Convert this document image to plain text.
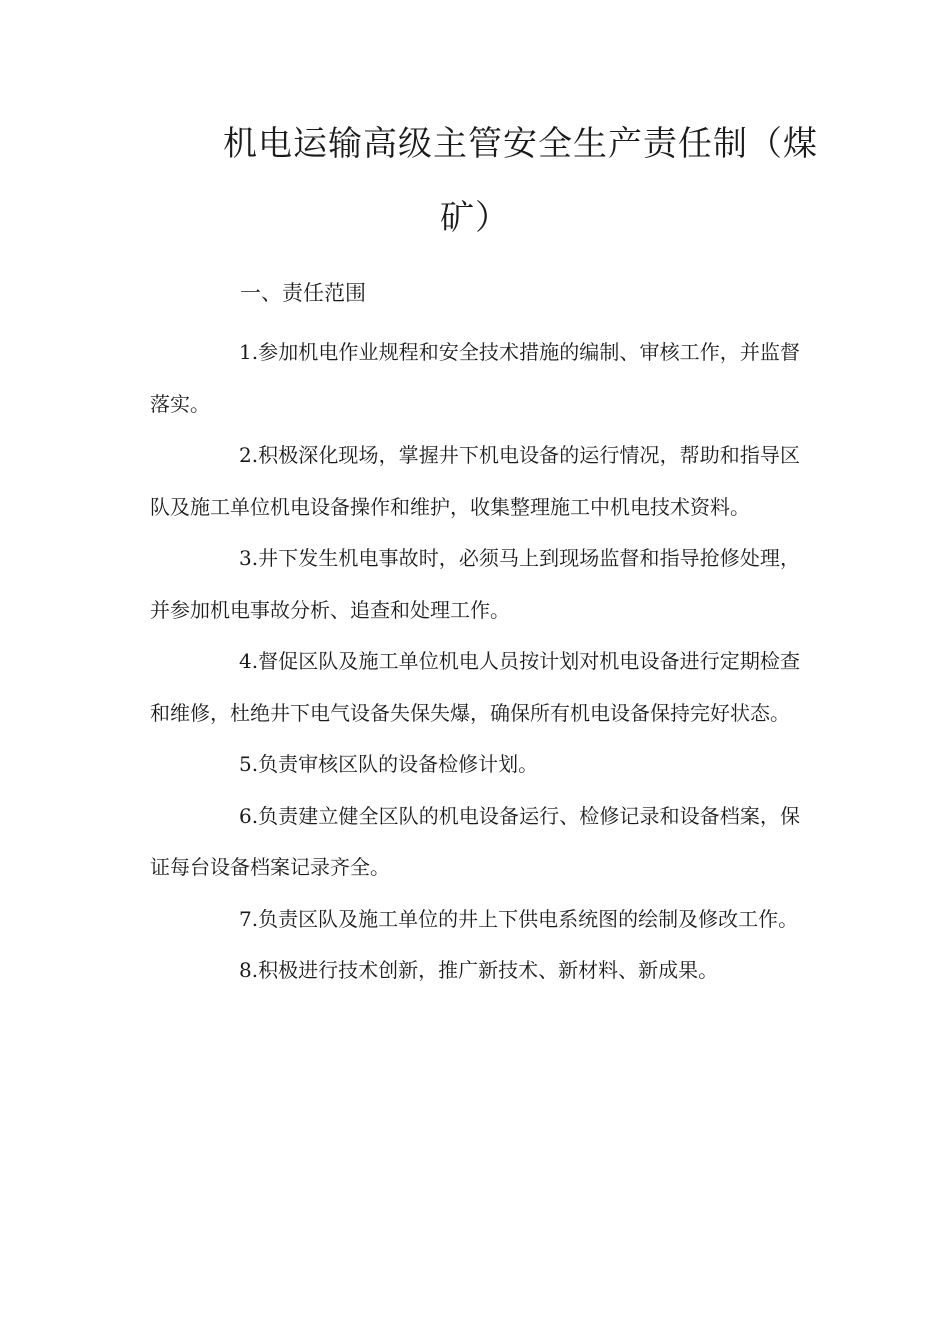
机电运输高级主管安全生产责任制（煤
矿）
一、责任范围

1.参加机电作业规程和安全技术措施的编制、审核工作，并监督落实。

2.积极深化现场，掌握井下机电设备的运行情况，帮助和指导区队及施工单位机电设备操作和维护，收集整理施工中机电技术资料。

3.井下发生机电事故时，必须马上到现场监督和指导抢修处理，并参加机电事故分析、追查和处理工作。

4.督促区队及施工单位机电人员按计划对机电设备进行定期检查和维修，杜绝井下电气设备失保失爆，确保所有机电设备保持完好状态。

5.负责审核区队的设备检修计划。

6.负责建立健全区队的机电设备运行、检修记录和设备档案，保证每台设备档案记录齐全。

7.负责区队及施工单位的井上下供电系统图的绘制及修改工作。

8.积极进行技术创新，推广新技术、新材料、新成果。
